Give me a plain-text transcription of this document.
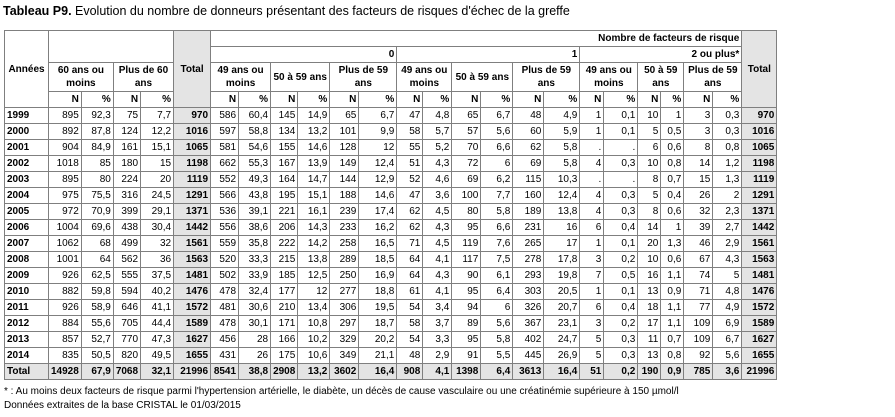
Tableau P9. Evolution du nombre de donneurs présentant des facteurs de risques d'échec de la greffe
Années					Total	Nombre de facteurs de risque																		Total
						0						1						2 ou plus*						
	60 ans ou moins		Plus de 60 ans			49 ans ou moins		50 à 59 ans		Plus de 59 ans		49 ans ou moins		50 à 59 ans		Plus de 59 ans		49 ans ou moins		50 à 59 ans		Plus de 59 ans		
	N	%	N	%		N	%	N	%	N	%	N	%	N	%	N	%	N	%	N	%	N	%	
1999	895	92,3	75	7,7	970	586	60,4	145	14,9	65	6,7	47	4,8	65	6,7	48	4,9	1	0,1	10	1	3	0,3	970
2000	892	87,8	124	12,2	1016	597	58,8	134	13,2	101	9,9	58	5,7	57	5,6	60	5,9	1	0,1	5	0,5	3	0,3	1016
2001	904	84,9	161	15,1	1065	581	54,6	155	14,6	128	12	55	5,2	70	6,6	62	5,8	.	.	6	0,6	8	0,8	1065
2002	1018	85	180	15	1198	662	55,3	167	13,9	149	12,4	51	4,3	72	6	69	5,8	4	0,3	10	0,8	14	1,2	1198
2003	895	80	224	20	1119	552	49,3	164	14,7	144	12,9	52	4,6	69	6,2	115	10,3	.	.	8	0,7	15	1,3	1119
2004	975	75,5	316	24,5	1291	566	43,8	195	15,1	188	14,6	47	3,6	100	7,7	160	12,4	4	0,3	5	0,4	26	2	1291
2005	972	70,9	399	29,1	1371	536	39,1	221	16,1	239	17,4	62	4,5	80	5,8	189	13,8	4	0,3	8	0,6	32	2,3	1371
2006	1004	69,6	438	30,4	1442	556	38,6	206	14,3	233	16,2	62	4,3	95	6,6	231	16	6	0,4	14	1	39	2,7	1442
2007	1062	68	499	32	1561	559	35,8	222	14,2	258	16,5	71	4,5	119	7,6	265	17	1	0,1	20	1,3	46	2,9	1561
2008	1001	64	562	36	1563	520	33,3	215	13,8	289	18,5	64	4,1	117	7,5	278	17,8	3	0,2	10	0,6	67	4,3	1563
2009	926	62,5	555	37,5	1481	502	33,9	185	12,5	250	16,9	64	4,3	90	6,1	293	19,8	7	0,5	16	1,1	74	5	1481
2010	882	59,8	594	40,2	1476	478	32,4	177	12	277	18,8	61	4,1	95	6,4	303	20,5	1	0,1	13	0,9	71	4,8	1476
2011	926	58,9	646	41,1	1572	481	30,6	210	13,4	306	19,5	54	3,4	94	6	326	20,7	6	0,4	18	1,1	77	4,9	1572
2012	884	55,6	705	44,4	1589	478	30,1	171	10,8	297	18,7	58	3,7	89	5,6	367	23,1	3	0,2	17	1,1	109	6,9	1589
2013	857	52,7	770	47,3	1627	456	28	166	10,2	329	20,2	54	3,3	95	5,8	402	24,7	5	0,3	11	0,7	109	6,7	1627
2014	835	50,5	820	49,5	1655	431	26	175	10,6	349	21,1	48	2,9	91	5,5	445	26,9	5	0,3	13	0,8	92	5,6	1655
Total	14928	67,9	7068	32,1	21996	8541	38,8	2908	13,2	3602	16,4	908	4,1	1398	6,4	3613	16,4	51	0,2	190	0,9	785	3,6	21996
* : Au moins deux facteurs de risque parmi l'hypertension artérielle, le diabète, un décès de cause vasculaire ou une créatinémie supérieure à 150 µmol/l
Données extraites de la base CRISTAL le 01/03/2015
